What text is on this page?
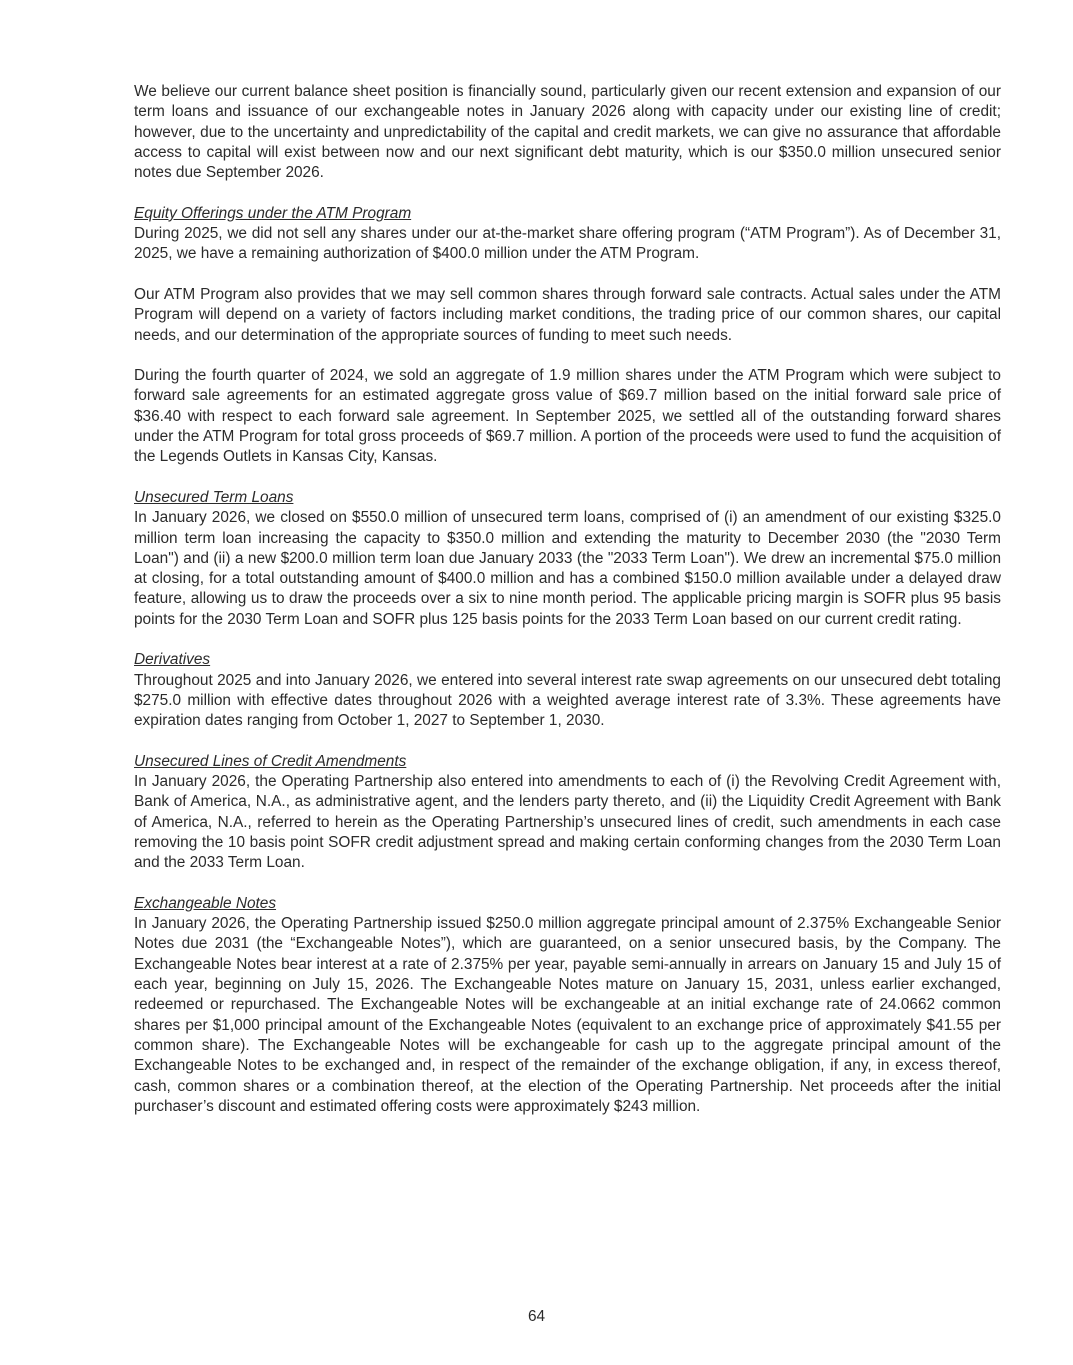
We believe our current balance sheet position is financially sound, particularly given our recent extension and expansion of our term loans and issuance of our exchangeable notes in January 2026 along with capacity under our existing line of credit; however, due to the uncertainty and unpredictability of the capital and credit markets, we can give no assurance that affordable access to capital will exist between now and our next significant debt maturity, which is our $350.0 million unsecured senior notes due September 2026.

Equity Offerings under the ATM Program
During 2025, we did not sell any shares under our at-the-market share offering program (“ATM Program”). As of December 31, 2025, we have a remaining authorization of $400.0 million under the ATM Program.

Our ATM Program also provides that we may sell common shares through forward sale contracts. Actual sales under the ATM Program will depend on a variety of factors including market conditions, the trading price of our common shares, our capital needs, and our determination of the appropriate sources of funding to meet such needs.

During the fourth quarter of 2024, we sold an aggregate of 1.9 million shares under the ATM Program which were subject to forward sale agreements for an estimated aggregate gross value of $69.7 million based on the initial forward sale price of $36.40 with respect to each forward sale agreement. In September 2025, we settled all of the outstanding forward shares under the ATM Program for total gross proceeds of $69.7 million. A portion of the proceeds were used to fund the acquisition of the Legends Outlets in Kansas City, Kansas.

Unsecured Term Loans
In January 2026, we closed on $550.0 million of unsecured term loans, comprised of (i) an amendment of our existing $325.0 million term loan increasing the capacity to $350.0 million and extending the maturity to December 2030 (the "2030 Term Loan") and (ii) a new $200.0 million term loan due January 2033 (the "2033 Term Loan"). We drew an incremental $75.0 million at closing, for a total outstanding amount of $400.0 million and has a combined $150.0 million available under a delayed draw feature, allowing us to draw the proceeds over a six to nine month period. The applicable pricing margin is SOFR plus 95 basis points for the 2030 Term Loan and SOFR plus 125 basis points for the 2033 Term Loan based on our current credit rating.

Derivatives
Throughout 2025 and into January 2026, we entered into several interest rate swap agreements on our unsecured debt totaling $275.0 million with effective dates throughout 2026 with a weighted average interest rate of 3.3%. These agreements have expiration dates ranging from October 1, 2027 to September 1, 2030.

Unsecured Lines of Credit Amendments
In January 2026, the Operating Partnership also entered into amendments to each of (i) the Revolving Credit Agreement with, Bank of America, N.A., as administrative agent, and the lenders party thereto, and (ii) the Liquidity Credit Agreement with Bank of America, N.A., referred to herein as the Operating Partnership’s unsecured lines of credit, such amendments in each case removing the 10 basis point SOFR credit adjustment spread and making certain conforming changes from the 2030 Term Loan and the 2033 Term Loan.

Exchangeable Notes
In January 2026, the Operating Partnership issued $250.0 million aggregate principal amount of 2.375% Exchangeable Senior Notes due 2031 (the “Exchangeable Notes”), which are guaranteed, on a senior unsecured basis, by the Company. The Exchangeable Notes bear interest at a rate of 2.375% per year, payable semi-annually in arrears on January 15 and July 15 of each year, beginning on July 15, 2026. The Exchangeable Notes mature on January 15, 2031, unless earlier exchanged, redeemed or repurchased. The Exchangeable Notes will be exchangeable at an initial exchange rate of 24.0662 common shares per $1,000 principal amount of the Exchangeable Notes (equivalent to an exchange price of approximately $41.55 per common share). The Exchangeable Notes will be exchangeable for cash up to the aggregate principal amount of the Exchangeable Notes to be exchanged and, in respect of the remainder of the exchange obligation, if any, in excess thereof, cash, common shares or a combination thereof, at the election of the Operating Partnership. Net proceeds after the initial purchaser’s discount and estimated offering costs were approximately $243 million.

64
